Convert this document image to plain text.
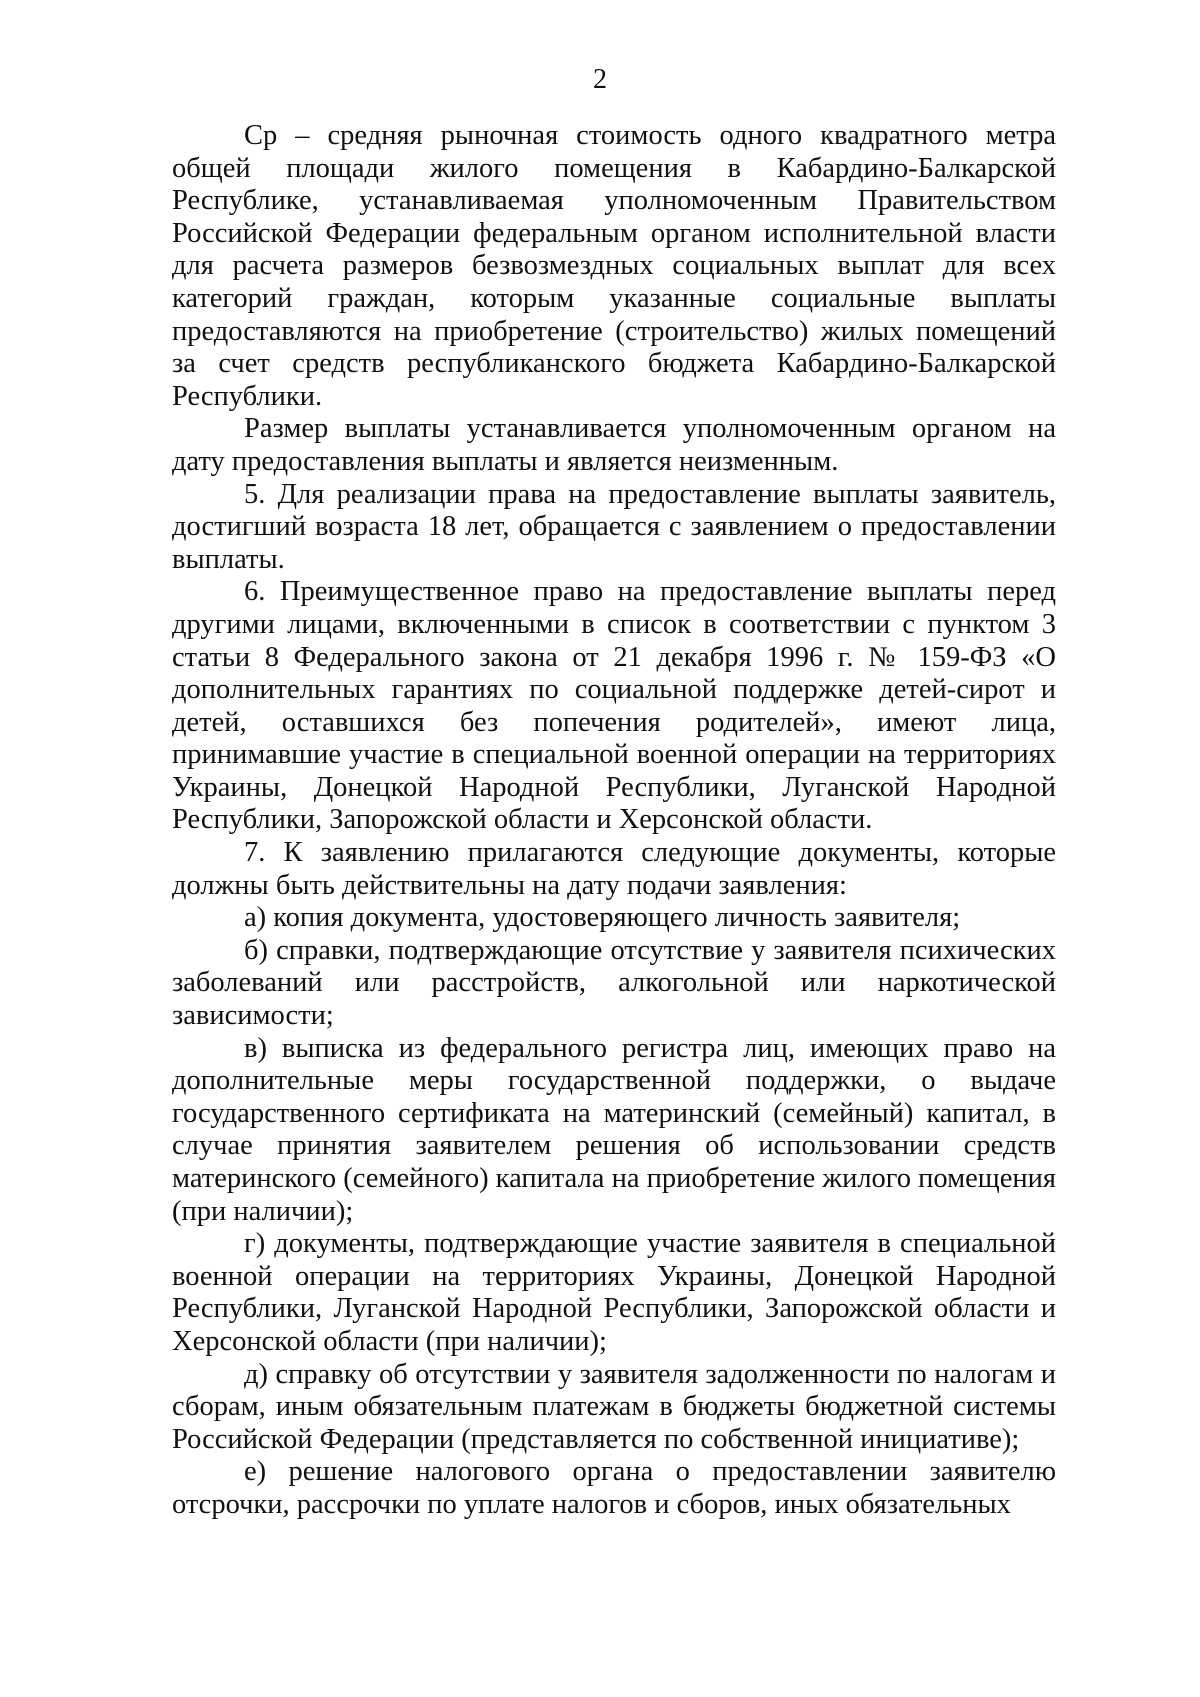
2

Ср – средняя рыночная стоимость одного квадратного метра общей площади жилого помещения в Кабардино-Балкарской Республике, устанавливаемая уполномоченным Правительством Российской Федерации федеральным органом исполнительной власти для расчета размеров безвозмездных социальных выплат для всех категорий граждан, которым указанные социальные выплаты предоставляются на приобретение (строительство) жилых помещений за счет средств республиканского бюджета Кабардино-Балкарской Республики.

Размер выплаты устанавливается уполномоченным органом на дату предоставления выплаты и является неизменным.

5. Для реализации права на предоставление выплаты заявитель, достигший возраста 18 лет, обращается с заявлением о предоставлении выплаты.

6. Преимущественное право на предоставление выплаты перед другими лицами, включенными в список в соответствии с пунктом 3 статьи 8 Федерального закона от 21 декабря 1996 г. № 159-ФЗ «О дополнительных гарантиях по социальной поддержке детей-сирот и детей, оставшихся без попечения родителей», имеют лица, принимавшие участие в специальной военной операции на территориях Украины, Донецкой Народной Республики, Луганской Народной Республики, Запорожской области и Херсонской области.

7. К заявлению прилагаются следующие документы, которые должны быть действительны на дату подачи заявления:

а) копия документа, удостоверяющего личность заявителя;

б) справки, подтверждающие отсутствие у заявителя психических заболеваний или расстройств, алкогольной или наркотической зависимости;

в) выписка из федерального регистра лиц, имеющих право на дополнительные меры государственной поддержки, о выдаче государственного сертификата на материнский (семейный) капитал, в случае принятия заявителем решения об использовании средств материнского (семейного) капитала на приобретение жилого помещения (при наличии);

г) документы, подтверждающие участие заявителя в специальной военной операции на территориях Украины, Донецкой Народной Республики, Луганской Народной Республики, Запорожской области и Херсонской области (при наличии);

д) справку об отсутствии у заявителя задолженности по налогам и сборам, иным обязательным платежам в бюджеты бюджетной системы Российской Федерации (представляется по собственной инициативе);

е) решение налогового органа о предоставлении заявителю отсрочки, рассрочки по уплате налогов и сборов, иных обязательных
